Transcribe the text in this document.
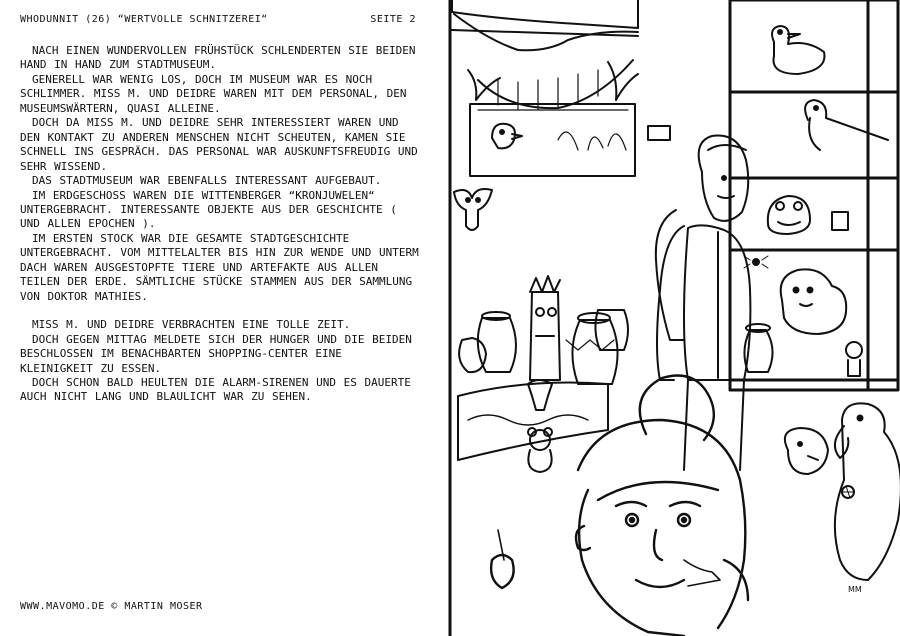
WHODUNNIT (26) “WERTVOLLE SCHNITZEREI“	SEITE 2

NACH EINEN WUNDERVOLLEN FRÜHSTÜCK SCHLENDERTEN SIE BEIDEN HAND IN HAND ZUM STADTMUSEUM.

GENERELL WAR WENIG LOS, DOCH IM MUSEUM WAR ES NOCH SCHLIMMER. MISS M. UND DEIDRE WAREN MIT DEM PERSONAL, DEN MUSEUMSWÄRTERN, QUASI ALLEINE.

DOCH DA MISS M. UND DEIDRE SEHR INTERESSIERT WAREN UND DEN KONTAKT ZU ANDEREN MENSCHEN NICHT SCHEUTEN, KAMEN SIE SCHNELL INS GESPRÄCH. DAS PERSONAL WAR AUSKUNFTSFREUDIG UND SEHR WISSEND.

DAS STADTMUSEUM WAR EBENFALLS INTERESSANT AUFGEBAUT.

IM ERDGESCHOSS WAREN DIE WITTENBERGER “KRONJUWELEN“ UNTERGEBRACHT. INTERESSANTE OBJEKTE AUS DER GESCHICHTE ( UND ALLEN EPOCHEN ).

IM ERSTEN STOCK WAR DIE GESAMTE STADTGESCHICHTE UNTERGEBRACHT. VOM MITTELALTER BIS HIN ZUR WENDE UND UNTERM DACH WAREN AUSGESTOPFTE TIERE UND ARTEFAKTE AUS ALLEN TEILEN DER ERDE. SÄMTLICHE STÜCKE STAMMEN AUS DER SAMMLUNG VON DOKTOR MATHIES.

MISS M. UND DEIDRE VERBRACHTEN EINE TOLLE ZEIT.

DOCH GEGEN MITTAG MELDETE SICH DER HUNGER UND DIE BEIDEN BESCHLOSSEN IM BENACHBARTEN SHOPPING-CENTER EINE KLEINIGKEIT ZU ESSEN.

DOCH SCHON BALD HEULTEN DIE ALARM-SIRENEN UND ES DAUERTE AUCH NICHT LANG UND BLAULICHT WAR ZU SEHEN.

WWW.MAVOMO.DE © MARTIN MOSER
MM
